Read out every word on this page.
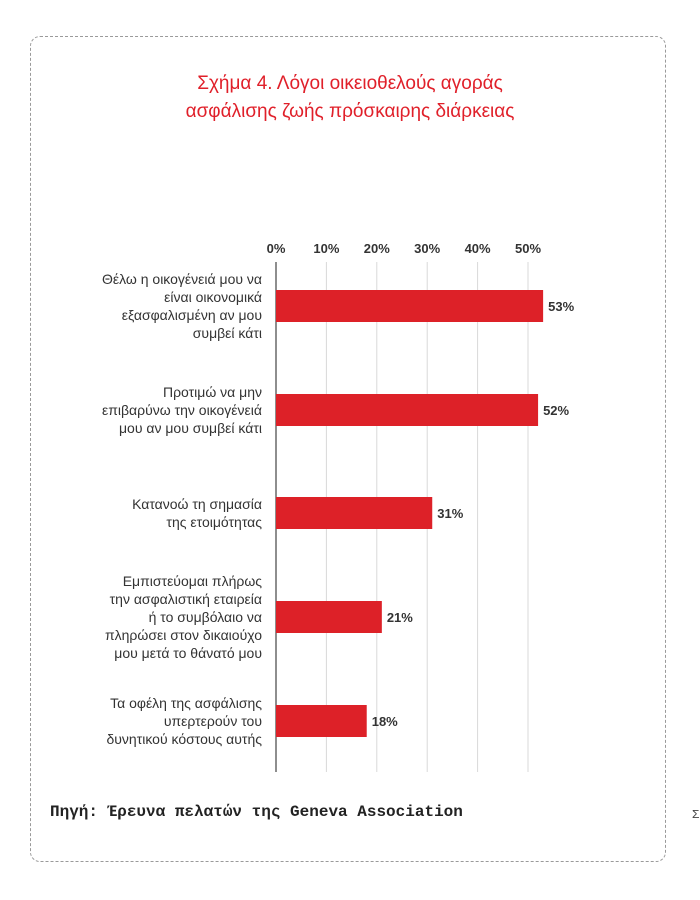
Σχήμα 4. Λόγοι οικειοθελούς αγοράς
ασφάλισης ζωής πρόσκαιρης διάρκειας
0% 10% 20% 30% 40% 50%
53%
Θέλω η οικογένειά μου να είναι οικονομικά εξασφαλισμένη αν μου συμβεί κάτι
52%
Προτιμώ να μην επιβαρύνω την οικογένειά μου αν μου συμβεί κάτι
31%
Κατανοώ τη σημασία της ετοιμότητας
21%
Εμπιστεύομαι πλήρως την ασφαλιστική εταιρεία ή το συμβόλαιο να πληρώσει στον δικαιούχο μου μετά το θάνατό μου
18%
Τα οφέλη της ασφάλισης υπερτερούν του δυνητικού κόστους αυτής
Πηγή: Έρευνα πελατών της Geneva Association	Σ
